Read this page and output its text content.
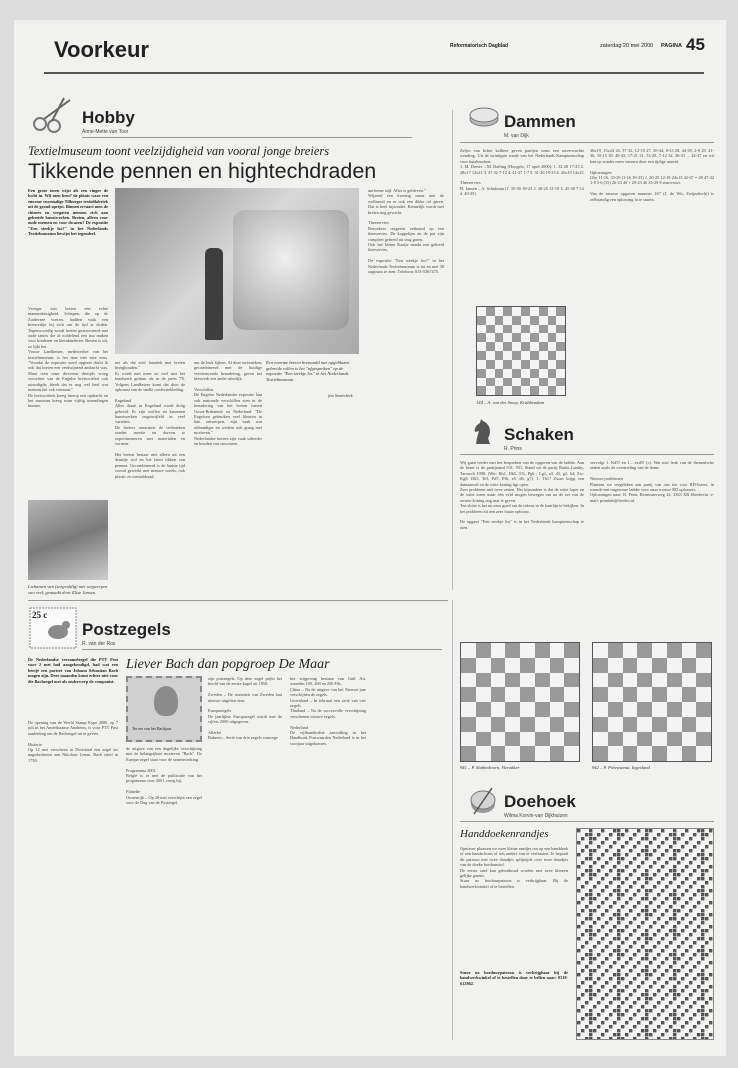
Voorkeur	Reformatorisch Dagblad	zaterdag 20 mei 2000 PAGINA 45
Hobby
Anne-Mette van Toor
Textielmuseum toont veelzijdigheid van vooral jonge breiers
Tikkende pennen en hightechdraden
Een grote toren wijst als een vinger de lucht in. Wil men hem? de plaats waar een enorme voormalige Tilburgse textielfabriek uit de grond oprijst. Binnen ervaart men de chinees en vergaten mensen rich aan gebreide kunstwerken. Breien, alleen voor oude mensen en voor dwazen? De expositie "Een steekje los?" in het Nederlands Textielmuseum bewijst het tegendeel.
Vroeger was breien een echte mannenbezigheid. Schapen, die op de Zuiderzee voeren, hadden vaak een breiwerkje bij zich om de tijd te doden. Tegenwoordig wordt breien geassocieerd met oude tantes die al roddelend een trui maken voor kinderen en kleinkinderen. Breien is uit, zo lijkt het.
Vrouw Landkeizer, medewerker van het textielmuseum, is het daar niet mee eens. "Voordat de expositie werd opgezet dacht ik ook dat breien een verdwijnend ambacht was. Maar toen onze directeur destijds vroeg voorzitter van de Engelse breisociëteit ook uitnodigde, bleek dat er nog wel heel wat mensen het vak verstaan."
De breisociëteit kreeg hierop een opdracht en het museum kreeg ruim vijftig inzendingen binnen.
Een enorme breien breinaald met opgeblazen gebreide rollen is het "afgesproken" op de expositie "Een steekje los" in het Nederlands Textielmuseum.
foto Stoeterbeek
net als die zich fanatiek met breien bezighouden."
Er wordt niet meer zo veel met het handwerk gedaan als in de jaren '70. Volgens Landkeizer komt dat door de opkomst van de snelle confectiekleding.

Engeland
Alles draait in Engeland wordt dolig gebreid. Er zijn wollen en katoenen kunstwerken ongetwijfeld in veel variaties.
De breiers omarmen de technieken zonder moeite en durven te experimenteren met materialen en vormen.

Het breien bestaat niet alleen uit een draadje wol en het laten tikken van pennen. Gecombineerd is de laatste tijd vooral gewerkt met nieuwe vezels, ook plastic en metaaldraad.
om de leuk kijken. Al deze technieken, gecombineerd met de huidige vernieuwende benadering, geven het breiwerk een ander uiterlijk.

Verschillen
De Engelse Nederlandse expositie laat ook nationale verschillen zien in de benadering van het breien tussen Groot-Brittannië en Nederland. "De Engelsen gebruiken veel kleuren in hun ontwerpen, zijn vaak wat uitbundiger en werken ook graag met motieven."
Nederlandse breiers zijn vaak soberder en houden van structuren.
Lichamen van (zorgvuldig) met wegwerpen van veel, gemaakt door Elise Jansen.
uniforme stijl. Alles is gebleven."
Wijzend een kwetsig mans met de wolbarsel en er ook een dikke rol garen. Dat is heel bijzonder. Kennelijk wordt met breien nog gewerkt.

Theeservies
Bezoekers reageren verbaasd op een theeservies. De koppeltjes en de pot zijn compleet gebreid uit stug garen.
Ook het kleine Kaatje maakt een gebreid theeservies.

De expositie "Een steekje los?" in het Nederlands Textielmuseum is tot en met 30 augustus te zien. Telefoon: 013-5367475.
25 c
Postzegels
R. van der Ros
De Nederlandse verzamelzegel die PTT Post voor 2 mei had aangekondigd, had wat een beetje een portret van Johann Sebastian Bach mogen zijn. Deze maanden komt echter niet voor die Bachzegel met als onderwerp de componist.
De opening van de World Stamp Expo 2000, op 7 juli in het Amerikaanse Anaheim, is voor PTT Post aanleiding om de Bachzegel uit te geven.

Historie
Op 12 mei verscheen in Duitsland een zegel ter nagedachtenis aan Nikolaus Lenau. Bach stierf in 1750.
Liever Bach dan popgroep De Maar
Ter ere van het Bachjaar
de uitgave van een degelijke verschijning met de belangrijkste motieven "Bach". De Europa-zegel staat voor de samenwerking.

Programma 2001
België is er met de publicatie van het programma voor 2001 vroeg bij.

Filatelie
Oostenrijk – Op 26 mei verschijnt een zegel voor de Dag van de Postzegel.
zijn postzegels. Op deze zegel prijkt het hoofd van de eerste kapel uit 1850.

Zweden – De statistiek van Zweden laat nieuwe uitgiften zien.

Europazegels
De jaarlijkse Europazegel wordt met de cijfers 2000 uitgegeven.

Allerlei
Bahrein – Serie van drie zegels vanwege
het vrijgeving bestaan van Gulf Air. waarden 100, 200 en 250 Fils.
China – Na de uitgave van het Nieuwe jaar verschijnen de zegels.
Groenland – In februari een serie van vier zegels.
Thailand – Na de succesvolle verschijning verschenen nieuwe zegels.

Nederland
De vijfhonderdste aanvulling in het Handboek Postwaarden Nederland is in het voorjaar uitgekomen.
Dammen
M. van Dijk
Zeljes van lichte kalliere geven partijen soms een onverwachte wending. Uit de twintigste ronde van het Nederlands Kampioenschap voor huishoudens.
1. M. Dreser – M. Dalfing (Hoogelo, 17 april 2000): 1. 32-28 17-23 2. 28x17 12x21 3. 37-32 7-12 4. 41-37 1-7 5. 31-26 19-23 6. 26x19 14x23

Theeservies
H. Jansen – A. Schulman (1. 35-30 18-23 2. 30-25 12-18 3. 45-40 7-12 4. 40-35)
30x19, 15x24 26. 37-32, 12-18 27. 50-44, 8-13 28. 44-39, 2-8 29. 41-36, 10-15 30. 48-43, 17-21 31. 33-28, 7-12 32. 36-31 ... 42-37 en wit kan op zonder meer winnen door een tijdige aanval.

Oplossingen
(Zie 11-16, 33-29 (1-16 39-33) 1. 30-25 12-18 24x13 42-37 = 28 47-42 1-8 3-6 (15) 26-23 46 + 29-23 46 33-29 9 enzovoort.

Van de nieuwe opgaven nummer 167 (J. de Wit, Zwijndrecht) is zelfstandig een oplossing in te sturen.
144 – A. van der Stoep, Krabbendam
Schaken
R. Prins
Wij gaan verder met het bespreken van de opgaven van de ladder. Aan de beurt is de partijstand 931. 931. Stand uit de partij Rashi–Lamby, Tarrasch 1998. (Wit: Kb1, Dh5, Tf1, Pg6 ; Lg1, a3, d5, g2, h4; Zw: Kg8, Dh5, Te5, Pd7, Pf6; e5, d6, g7). 1. Th1? Zwart krijgt een damaanval en de witte koning ligt open.
Zeer probleem met twee zetten. Het bijzondere is dat de witte loper en de witte toren maar één veld mogen bewegen om na de zet van de zwarte koning nog mat te geven.
Ten slotte is het nu eens goed om de tekens in de kantlijn te bekijken. In het probleem zit een zeer fraaie opbouw.

De opgave "Een steekje los" is in het Nederlands kampioenschap te zien.
vervolgt 1. Kd5! en 1... exd5! (c). Wat niet leuk van de thematische zetten zoals de overtreding van de dame.

Nieuwe problemen
Plaatsen we vergeleken aan partij van ons toe voor RD-lezers, in waarde een ongewone ladder voor onze trouwe RD oplossers.
Oplossingen naar: R. Prins, Reinwaterweg 22, 3363 XB Sliedrecht, e-mail: prinsbsb@freeler.nl.
941 – P. Slabbekoorn, Vierakker	942 – P. Pietrasanta, Ingesland
Doehoek
Wilma Korvin-van Dijkhuizen
Handdoekenrandjes
Opnieuw plaatsen we twee kleine randjes om op een handdoek of een handschoen of iets anders van te verfraaien. Je bepaalt dit patroon met twee draadjes splijtzijde over twee draadjes van de doeke borduurstof.
De eerste rand kan geborduurd worden met twee kleuren gelijke garens.
Stuur no borduurpatroon is verkrijgbaar. Bij de handwerkwinkel of te bestellen.
Stuur no borduurpatroon is verkrijgbaar bij de handwerkwinkel of te bestellen door te bellen naar: 0318-612862.
